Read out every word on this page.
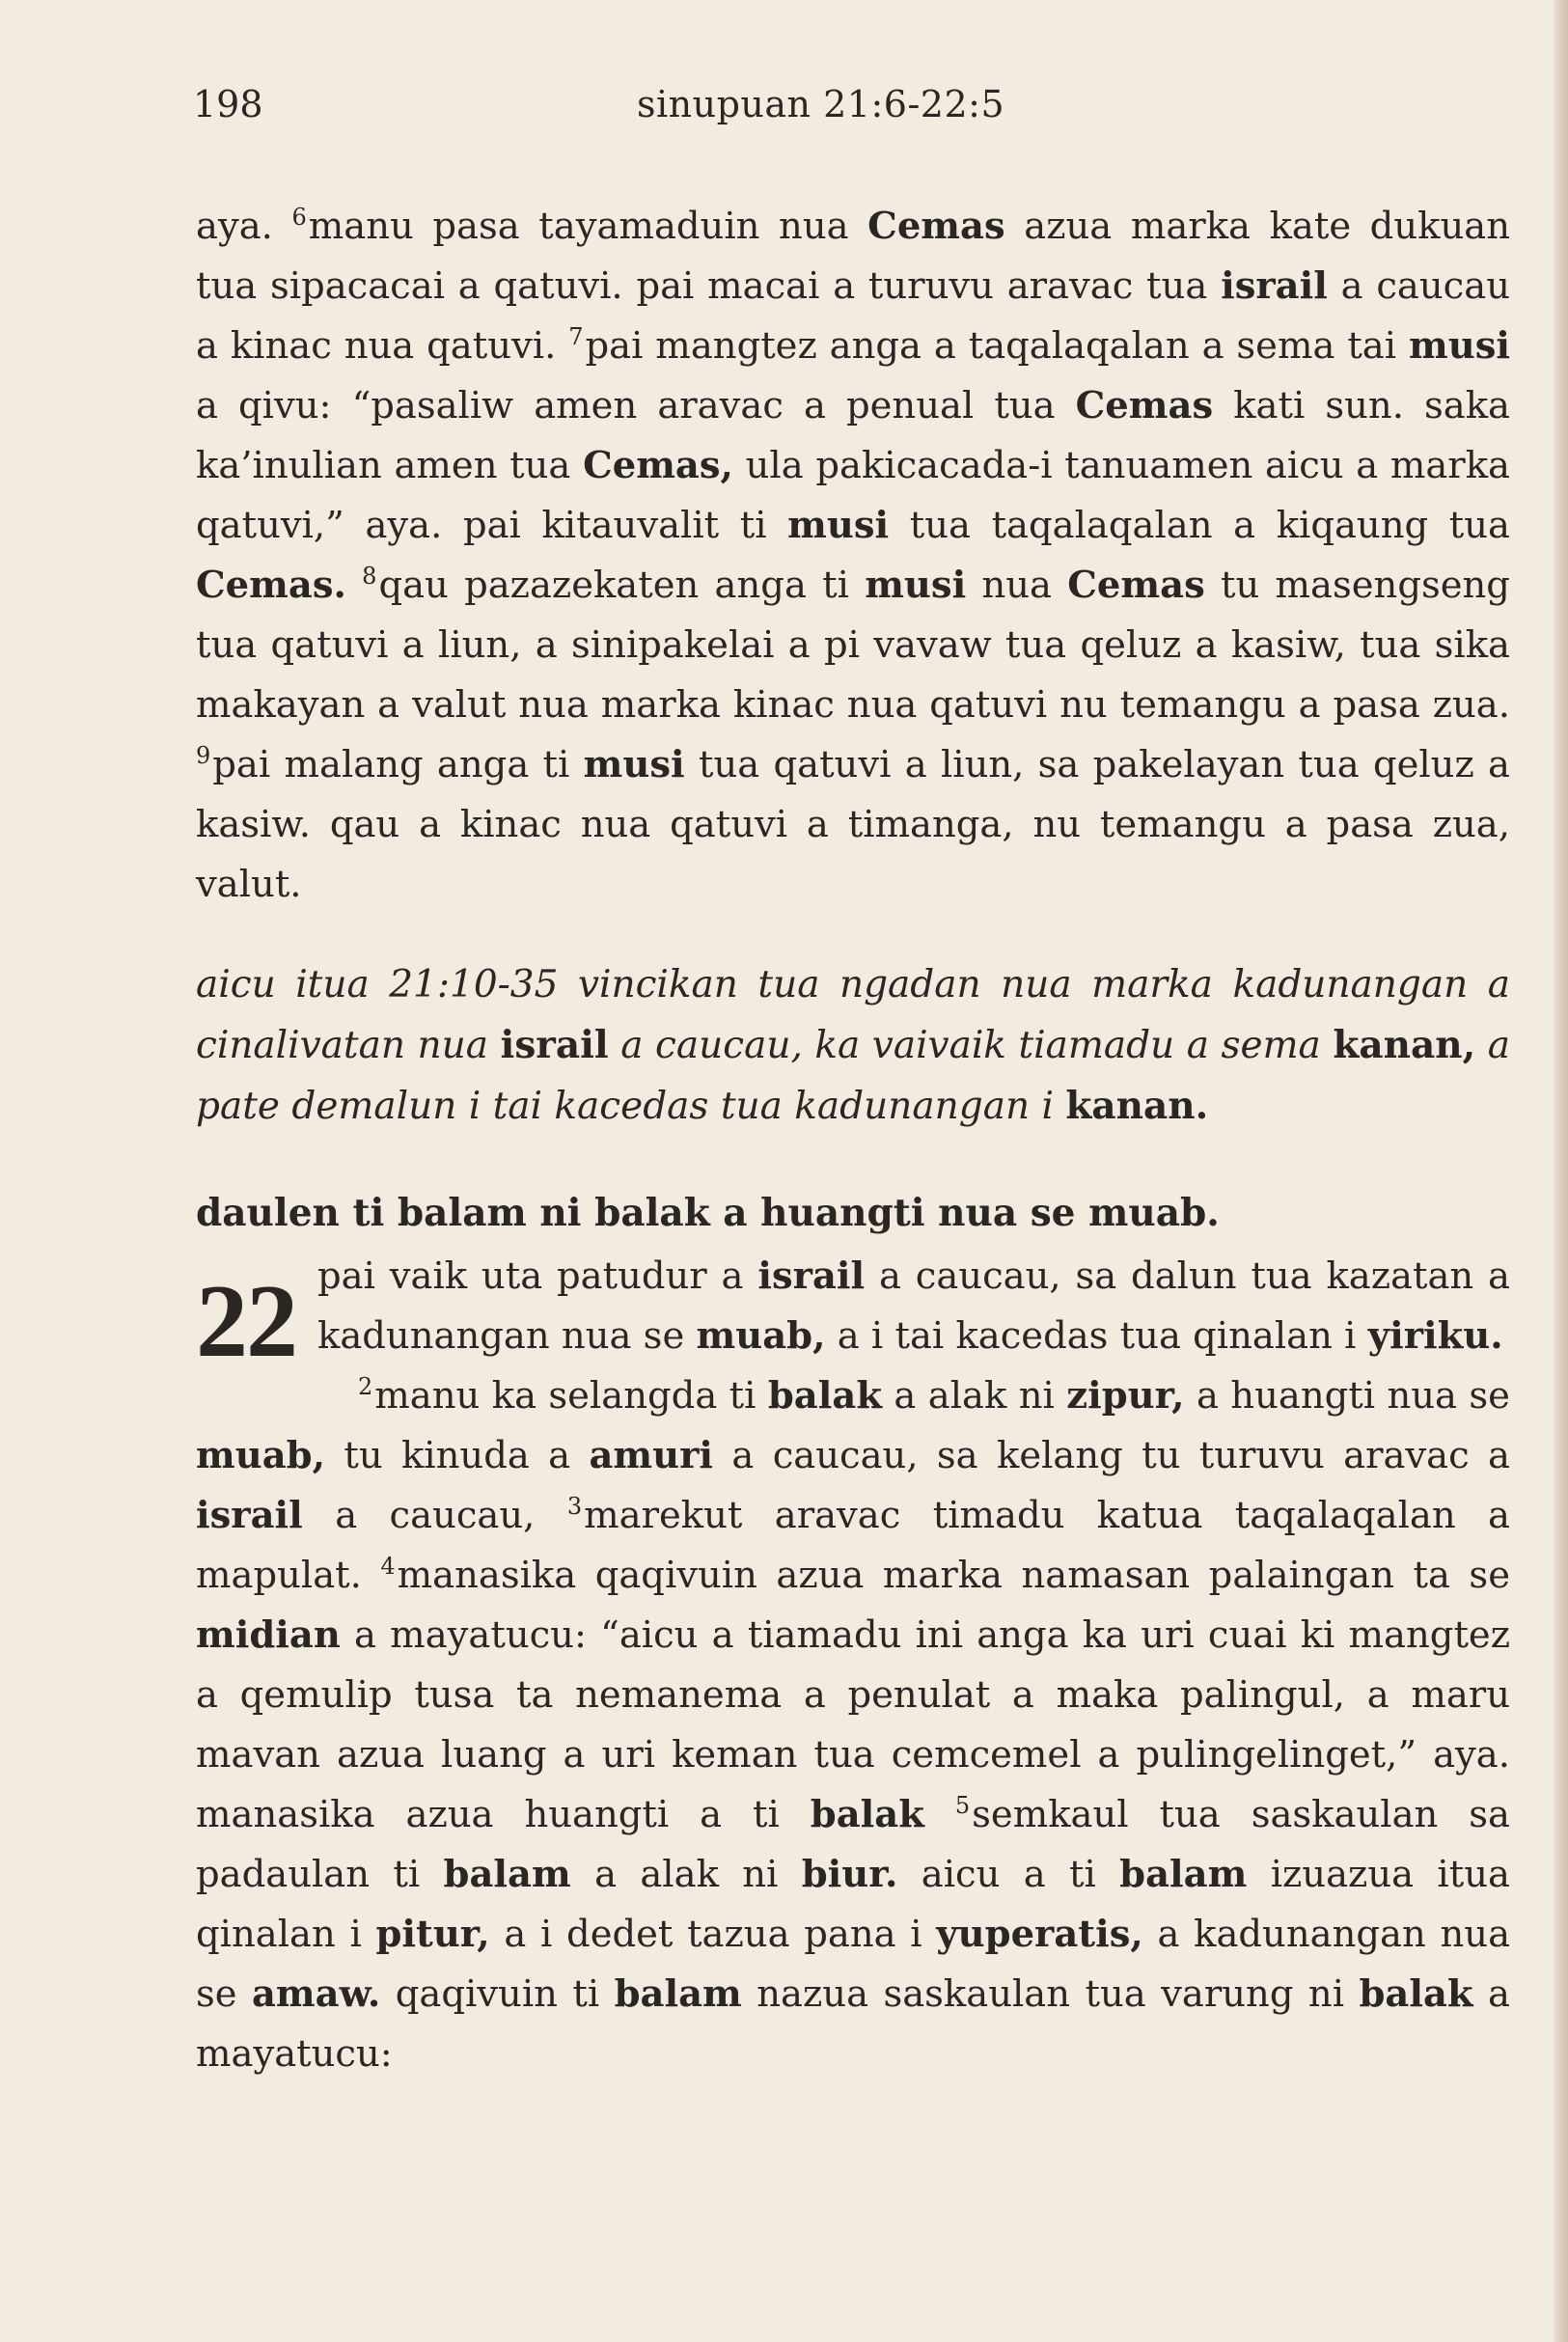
198	sinupuan 21:6-22:5

aya. $^6$manu pasa tayamaduin nua Cemas azua marka kate dukuan tua sipacacai a qatuvi. pai macai a turuvu aravac tua israil a caucau a kinac nua qatuvi. $^7$pai mangtez anga a taqalaqalan a sema tai musi a qivu: “pasaliw amen aravac a penual tua Cemas kati sun. saka ka’inulian amen tua Cemas, ula pakicacada-i tanuamen aicu a marka qatuvi,” aya. pai kitauvalit ti musi tua taqalaqalan a kiqaung tua Cemas. $^8$qau pazazekaten anga ti musi nua Cemas tu masengseng tua qatuvi a liun, a sinipakelai a pi vavaw tua qeluz a kasiw, tua sika makayan a valut nua marka kinac nua qatuvi nu temangu a pasa zua. $^9$pai malang anga ti musi tua qatuvi a liun, sa pakelayan tua qeluz a kasiw. qau a kinac nua qatuvi a timanga, nu temangu a pasa zua, valut.

aicu itua 21:10-35 vincikan tua ngadan nua marka kadunangan a cinalivatan nua israil a caucau, ka vaivaik tiamadu a sema kanan, a pate demalun i tai kacedas tua kadunangan i kanan.

daulen ti balam ni balak a huangti nua se muab.

22 pai vaik uta patudur a israil a caucau, sa dalun tua kazatan a kadunangan nua se muab, a i tai kacedas tua qinalan i yiriku.

$^2$manu ka selangda ti balak a alak ni zipur, a huangti nua se muab, tu kinuda a amuri a caucau, sa kelang tu turuvu aravac a israil a caucau, $^3$marekut aravac timadu katua taqalaqalan a mapulat. $^4$manasika qaqivuin azua marka namasan palaingan ta se midian a mayatucu: “aicu a tiamadu ini anga ka uri cuai ki mangtez a qemulip tusa ta nemanema a penulat a maka palingul, a maru mavan azua luang a uri keman tua cemcemel a pulingelinget,” aya. manasika azua huangti a ti balak $^5$semkaul tua saskaulan sa padaulan ti balam a alak ni biur. aicu a ti balam izuazua itua qinalan i pitur, a i dedet tazua pana i yuperatis, a kadunangan nua se amaw. qaqivuin ti balam nazua saskaulan tua varung ni balak a mayatucu:
